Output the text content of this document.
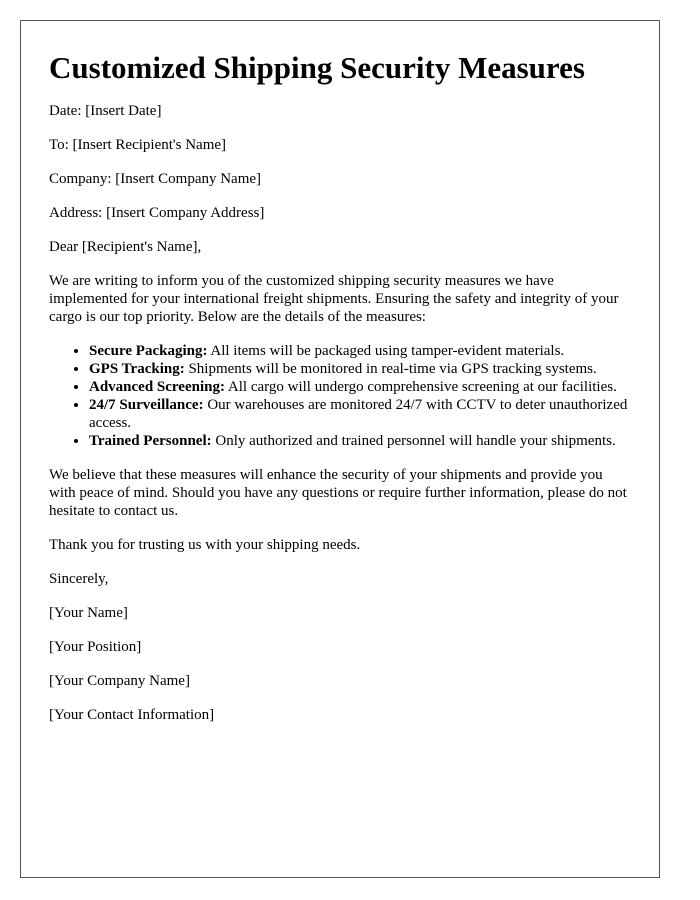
Customized Shipping Security Measures

Date: [Insert Date]

To: [Insert Recipient's Name]

Company: [Insert Company Name]

Address: [Insert Company Address]

Dear [Recipient's Name],

We are writing to inform you of the customized shipping security measures we have implemented for your international freight shipments. Ensuring the safety and integrity of your cargo is our top priority. Below are the details of the measures:

• Secure Packaging: All items will be packaged using tamper-evident materials.
• GPS Tracking: Shipments will be monitored in real-time via GPS tracking systems.
• Advanced Screening: All cargo will undergo comprehensive screening at our facilities.
• 24/7 Surveillance: Our warehouses are monitored 24/7 with CCTV to deter unauthorized access.
• Trained Personnel: Only authorized and trained personnel will handle your shipments.

We believe that these measures will enhance the security of your shipments and provide you with peace of mind. Should you have any questions or require further information, please do not hesitate to contact us.

Thank you for trusting us with your shipping needs.

Sincerely,

[Your Name]

[Your Position]

[Your Company Name]

[Your Contact Information]
